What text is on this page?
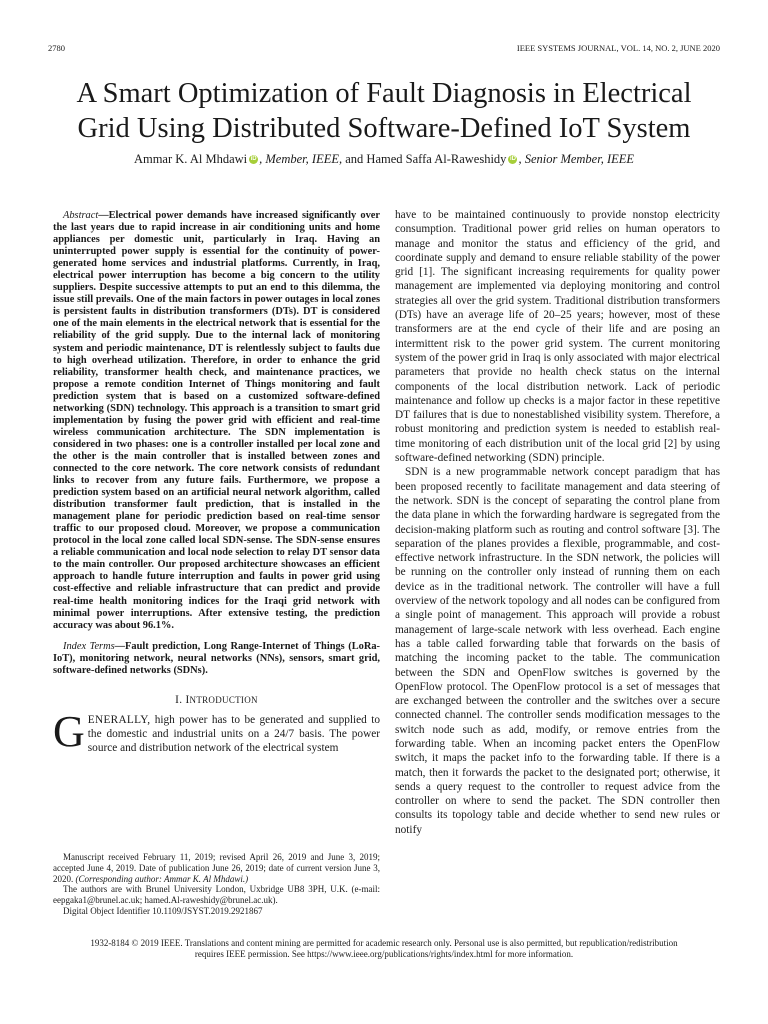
2780	IEEE SYSTEMS JOURNAL, VOL. 14, NO. 2, JUNE 2020
A Smart Optimization of Fault Diagnosis in Electrical
Grid Using Distributed Software-Defined IoT System
Ammar K. Al Mhdawi iD , Member, IEEE, and Hamed Saffa Al-Raweshidy iD , Senior Member, IEEE

Abstract—Electrical power demands have increased significantly over the last years due to rapid increase in air conditioning units and home appliances per domestic unit, particularly in Iraq. Having an uninterrupted power supply is essential for the continuity of power-generated home services and industrial platforms. Currently, in Iraq, electrical power interruption has become a big concern to the utility suppliers. Despite successive attempts to put an end to this dilemma, the issue still prevails. One of the main factors in power outages in local zones is persistent faults in distribution transformers (DTs). DT is considered one of the main elements in the electrical network that is essential for the reliability of the grid supply. Due to the internal lack of monitoring system and periodic maintenance, DT is relentlessly subject to faults due to high overhead utilization. Therefore, in order to enhance the grid reliability, transformer health check, and maintenance practices, we propose a remote condition Internet of Things monitoring and fault prediction system that is based on a customized software-defined networking (SDN) technology. This approach is a transition to smart grid implementation by fusing the power grid with efficient and real-time wireless communication architecture. The SDN implementation is considered in two phases: one is a controller installed per local zone and the other is the main controller that is installed between zones and connected to the core network. The core network consists of redundant links to recover from any future fails. Furthermore, we propose a prediction system based on an artificial neural network algorithm, called distribution transformer fault prediction, that is installed in the management plane for periodic prediction based on real-time sensor traffic to our proposed cloud. Moreover, we propose a communication protocol in the local zone called local SDN-sense. The SDN-sense ensures a reliable communication and local node selection to relay DT sensor data to the main controller. Our proposed architecture showcases an efficient approach to handle future interruption and faults in power grid using cost-effective and reliable infrastructure that can predict and provide real-time health monitoring indices for the Iraqi grid network with minimal power interruptions. After extensive testing, the prediction accuracy was about 96.1%.

Index Terms—Fault prediction, Long Range-Internet of Things (LoRa-IoT), monitoring network, neural networks (NNs), sensors, smart grid, software-defined networks (SDNs).

I. INTRODUCTION

GENERALLY, high power has to be generated and supplied to the domestic and industrial units on a 24/7 basis. The power source and distribution network of the electrical system

Manuscript received February 11, 2019; revised April 26, 2019 and June 3, 2019; accepted June 4, 2019. Date of publication June 26, 2019; date of current version June 3, 2020. (Corresponding author: Ammar K. Al Mhdawi.)

The authors are with Brunel University London, Uxbridge UB8 3PH, U.K. (e-mail: eepgaka1@brunel.ac.uk; hamed.Al-raweshidy@brunel.ac.uk).

Digital Object Identifier 10.1109/JSYST.2019.2921867

have to be maintained continuously to provide nonstop electricity consumption. Traditional power grid relies on human operators to manage and monitor the status and efficiency of the grid, and coordinate supply and demand to ensure reliable stability of the power grid [1]. The significant increasing requirements for quality power management are implemented via deploying monitoring and control strategies all over the grid system. Traditional distribution transformers (DTs) have an average life of 20–25 years; however, most of these transformers are at the end cycle of their life and are posing an intermittent risk to the power grid system. The current monitoring system of the power grid in Iraq is only associated with major electrical parameters that provide no health check status on the internal components of the local distribution network. Lack of periodic maintenance and follow up checks is a major factor in these repetitive DT failures that is due to nonestablished visibility system. Therefore, a robust monitoring and prediction system is needed to establish real-time monitoring of each distribution unit of the local grid [2] by using software-defined networking (SDN) principle.

SDN is a new programmable network concept paradigm that has been proposed recently to facilitate management and data steering of the network. SDN is the concept of separating the control plane from the data plane in which the forwarding hardware is segregated from the decision-making platform such as routing and control software [3]. The separation of the planes provides a flexible, programmable, and cost-effective network infrastructure. In the SDN network, the policies will be running on the controller only instead of running them on each device as in the traditional network. The controller will have a full overview of the network topology and all nodes can be configured from a single point of management. This approach will provide a robust management of large-scale network with less overhead. Each engine has a table called forwarding table that forwards on the basis of matching the incoming packet to the table. The communication between the SDN and OpenFlow switches is governed by the OpenFlow protocol. The OpenFlow protocol is a set of messages that are exchanged between the controller and the switches over a secure connected channel. The controller sends modification messages to the switch node such as add, modify, or remove entries from the forwarding table. When an incoming packet enters the OpenFlow switch, it maps the packet info to the forwarding table. If there is a match, then it forwards the packet to the designated port; otherwise, it sends a query request to the controller to request advice from the controller on where to send the packet. The SDN controller then consults its topology table and decide whether to send new rules or notify

1932-8184 © 2019 IEEE. Translations and content mining are permitted for academic research only. Personal use is also permitted, but republication/redistribution
requires IEEE permission. See https://www.ieee.org/publications/rights/index.html for more information.
